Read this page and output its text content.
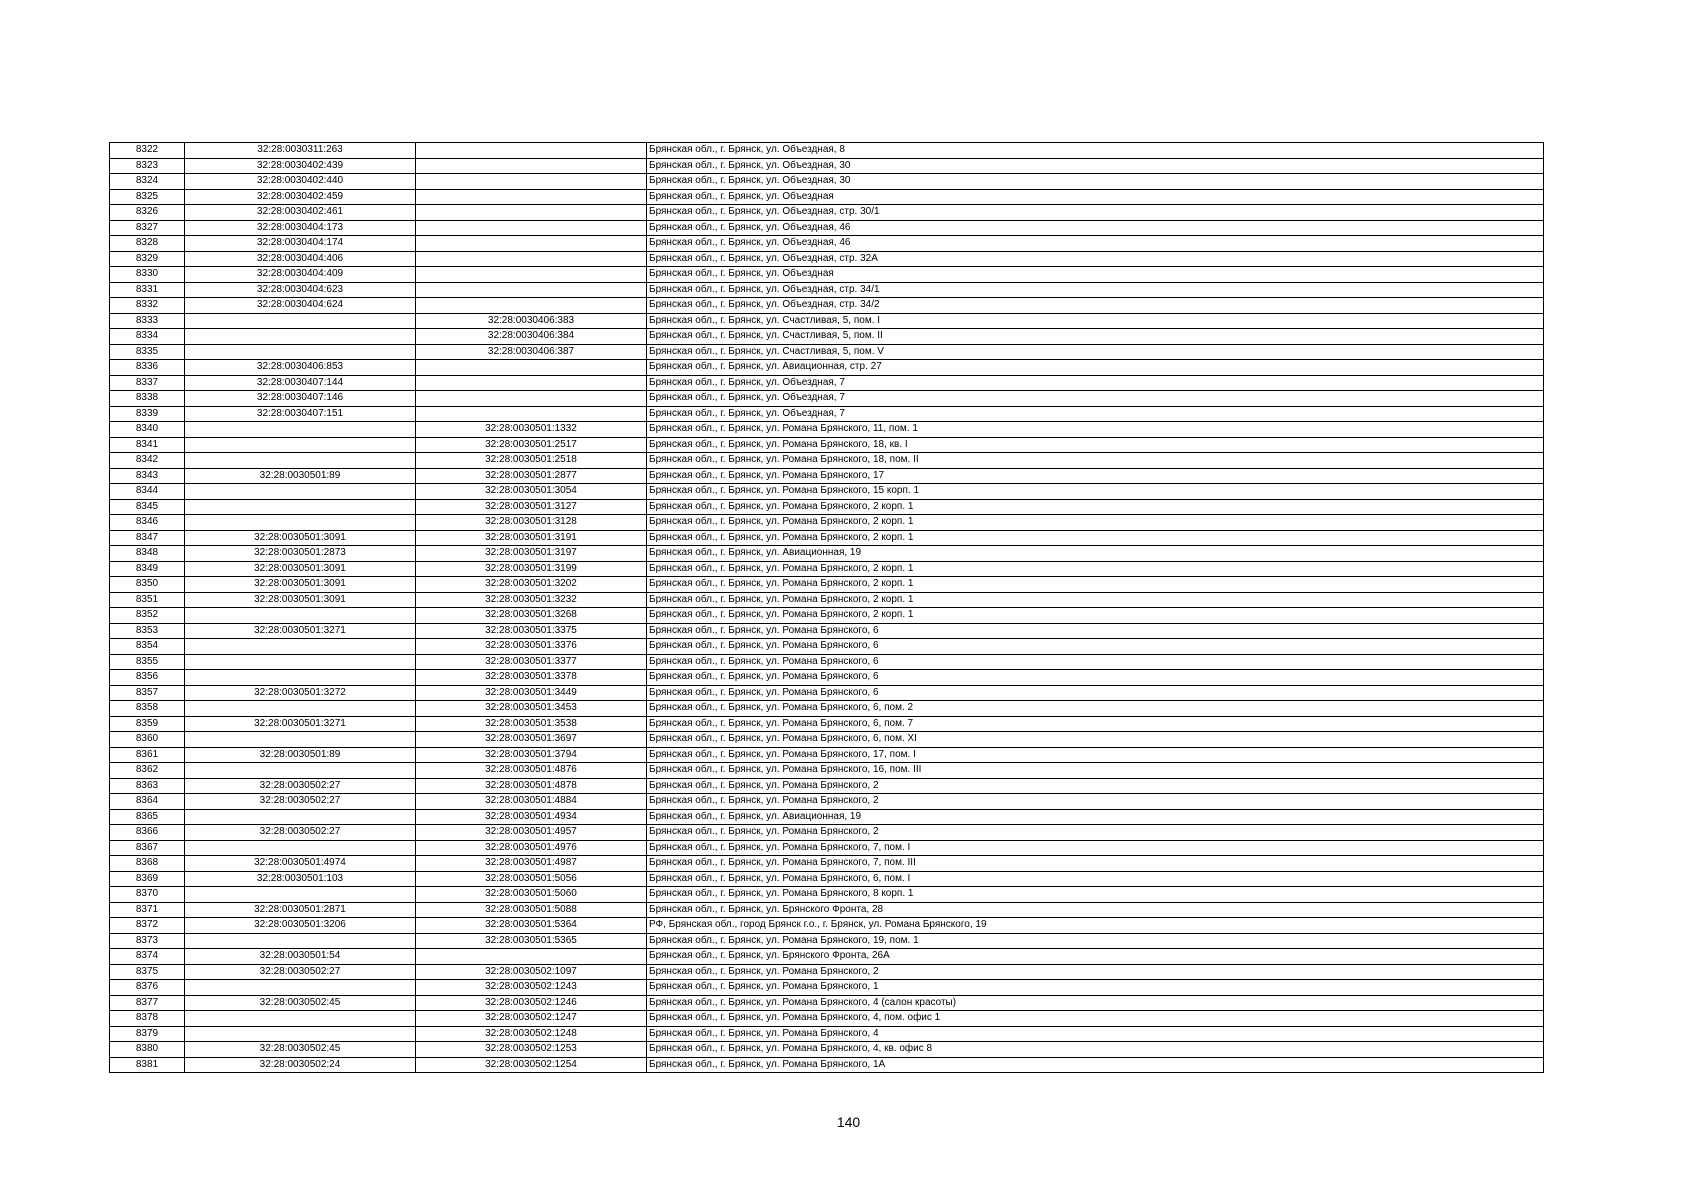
8322	32:28:0030311:263		Брянская обл., г. Брянск, ул. Объездная, 8
8323	32:28:0030402:439		Брянская обл., г. Брянск, ул. Объездная, 30
8324	32:28:0030402:440		Брянская обл., г. Брянск, ул. Объездная, 30
8325	32:28:0030402:459		Брянская обл., г. Брянск, ул. Объездная
8326	32:28:0030402:461		Брянская обл., г. Брянск, ул. Объездная, стр. 30/1
8327	32:28:0030404:173		Брянская обл., г. Брянск, ул. Объездная, 46
8328	32:28:0030404:174		Брянская обл., г. Брянск, ул. Объездная, 46
8329	32:28:0030404:406		Брянская обл., г. Брянск, ул. Объездная, стр. 32А
8330	32:28:0030404:409		Брянская обл., г. Брянск, ул. Объездная
8331	32:28:0030404:623		Брянская обл., г. Брянск, ул. Объездная, стр. 34/1
8332	32:28:0030404:624		Брянская обл., г. Брянск, ул. Объездная, стр. 34/2
8333		32:28:0030406:383	Брянская обл., г. Брянск, ул. Счастливая, 5, пом. I
8334		32:28:0030406:384	Брянская обл., г. Брянск, ул. Счастливая, 5, пом. II
8335		32:28:0030406:387	Брянская обл., г. Брянск, ул. Счастливая, 5, пом. V
8336	32:28:0030406:853		Брянская обл., г. Брянск, ул. Авиационная, стр. 27
8337	32:28:0030407:144		Брянская обл., г. Брянск, ул. Объездная, 7
8338	32:28:0030407:146		Брянская обл., г. Брянск, ул. Объездная, 7
8339	32:28:0030407:151		Брянская обл., г. Брянск, ул. Объездная, 7
8340		32:28:0030501:1332	Брянская обл., г. Брянск, ул. Романа Брянского, 11, пом. 1
8341		32:28:0030501:2517	Брянская обл., г. Брянск, ул. Романа Брянского, 18, кв. I
8342		32:28:0030501:2518	Брянская обл., г. Брянск, ул. Романа Брянского, 18, пом. II
8343	32:28:0030501:89	32:28:0030501:2877	Брянская обл., г. Брянск, ул. Романа Брянского, 17
8344		32:28:0030501:3054	Брянская обл., г. Брянск, ул. Романа Брянского, 15 корп. 1
8345		32:28:0030501:3127	Брянская обл., г. Брянск, ул. Романа Брянского, 2 корп. 1
8346		32:28:0030501:3128	Брянская обл., г. Брянск, ул. Романа Брянского, 2 корп. 1
8347	32:28:0030501:3091	32:28:0030501:3191	Брянская обл., г. Брянск, ул. Романа Брянского, 2 корп. 1
8348	32:28:0030501:2873	32:28:0030501:3197	Брянская обл., г. Брянск, ул. Авиационная, 19
8349	32:28:0030501:3091	32:28:0030501:3199	Брянская обл., г. Брянск, ул. Романа Брянского, 2 корп. 1
8350	32:28:0030501:3091	32:28:0030501:3202	Брянская обл., г. Брянск, ул. Романа Брянского, 2 корп. 1
8351	32:28:0030501:3091	32:28:0030501:3232	Брянская обл., г. Брянск, ул. Романа Брянского, 2 корп. 1
8352		32:28:0030501:3268	Брянская обл., г. Брянск, ул. Романа Брянского, 2 корп. 1
8353	32:28:0030501:3271	32:28:0030501:3375	Брянская обл., г. Брянск, ул. Романа Брянского, 6
8354		32:28:0030501:3376	Брянская обл., г. Брянск, ул. Романа Брянского, 6
8355		32:28:0030501:3377	Брянская обл., г. Брянск, ул. Романа Брянского, 6
8356		32:28:0030501:3378	Брянская обл., г. Брянск, ул. Романа Брянского, 6
8357	32:28:0030501:3272	32:28:0030501:3449	Брянская обл., г. Брянск, ул. Романа Брянского, 6
8358		32:28:0030501:3453	Брянская обл., г. Брянск, ул. Романа Брянского, 6, пом. 2
8359	32:28:0030501:3271	32:28:0030501:3538	Брянская обл., г. Брянск, ул. Романа Брянского, 6, пом. 7
8360		32:28:0030501:3697	Брянская обл., г. Брянск, ул. Романа Брянского, 6, пом. XI
8361	32:28:0030501:89	32:28:0030501:3794	Брянская обл., г. Брянск, ул. Романа Брянского, 17, пом. I
8362		32:28:0030501:4876	Брянская обл., г. Брянск, ул. Романа Брянского, 16, пом. III
8363	32:28:0030502:27	32:28:0030501:4878	Брянская обл., г. Брянск, ул. Романа Брянского, 2
8364	32:28:0030502:27	32:28:0030501:4884	Брянская обл., г. Брянск, ул. Романа Брянского, 2
8365		32:28:0030501:4934	Брянская обл., г. Брянск, ул. Авиационная, 19
8366	32:28:0030502:27	32:28:0030501:4957	Брянская обл., г. Брянск, ул. Романа Брянского, 2
8367		32:28:0030501:4976	Брянская обл., г. Брянск, ул. Романа Брянского, 7, пом. I
8368	32:28:0030501:4974	32:28:0030501:4987	Брянская обл., г. Брянск, ул. Романа Брянского, 7, пом. III
8369	32:28:0030501:103	32:28:0030501:5056	Брянская обл., г. Брянск, ул. Романа Брянского, 6, пом. I
8370		32:28:0030501:5060	Брянская обл., г. Брянск, ул. Романа Брянского, 8 корп. 1
8371	32:28:0030501:2871	32:28:0030501:5088	Брянская обл., г. Брянск, ул. Брянского Фронта, 28
8372	32:28:0030501:3206	32:28:0030501:5364	РФ, Брянская обл., город Брянск г.о., г. Брянск, ул. Романа Брянского, 19
8373		32:28:0030501:5365	Брянская обл., г. Брянск, ул. Романа Брянского, 19, пом. 1
8374	32:28:0030501:54		Брянская обл., г. Брянск, ул. Брянского Фронта, 26А
8375	32:28:0030502:27	32:28:0030502:1097	Брянская обл., г. Брянск, ул. Романа Брянского, 2
8376		32:28:0030502:1243	Брянская обл., г. Брянск, ул. Романа Брянского, 1
8377	32:28:0030502:45	32:28:0030502:1246	Брянская обл., г. Брянск, ул. Романа Брянского, 4 (салон красоты)
8378		32:28:0030502:1247	Брянская обл., г. Брянск, ул. Романа Брянского, 4, пом. офис 1
8379		32:28:0030502:1248	Брянская обл., г. Брянск, ул. Романа Брянского, 4
8380	32:28:0030502:45	32:28:0030502:1253	Брянская обл., г. Брянск, ул. Романа Брянского, 4, кв. офис 8
8381	32:28:0030502:24	32:28:0030502:1254	Брянская обл., г. Брянск, ул. Романа Брянского, 1А
140
